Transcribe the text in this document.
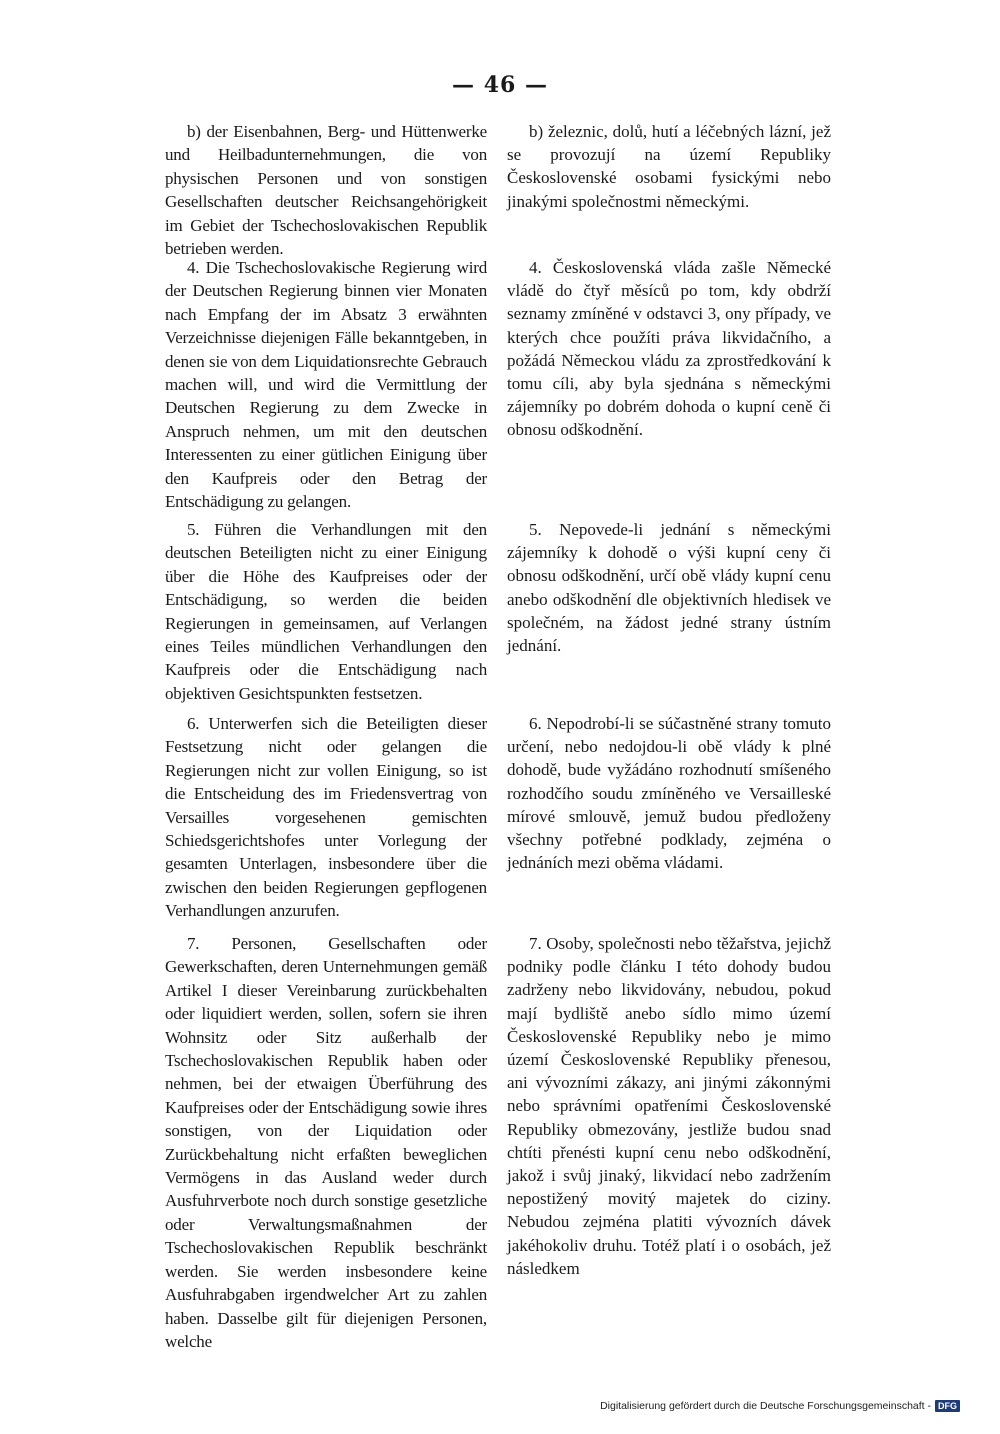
— 46 —

b) der Eisenbahnen, Berg- und Hüttenwerke und Heilbadunternehmungen, die von physischen Personen und von sonstigen Gesellschaften deutscher Reichsangehörigkeit im Gebiet der Tschechoslovakischen Republik betrieben werden.

4. Die Tschechoslovakische Regierung wird der Deutschen Regierung binnen vier Monaten nach Empfang der im Absatz 3 erwähnten Verzeichnisse diejenigen Fälle bekanntgeben, in denen sie von dem Liquidationsrechte Gebrauch machen will, und wird die Vermittlung der Deutschen Regierung zu dem Zwecke in Anspruch nehmen, um mit den deutschen Interessenten zu einer gütlichen Einigung über den Kaufpreis oder den Betrag der Entschädigung zu gelangen.

5. Führen die Verhandlungen mit den deutschen Beteiligten nicht zu einer Einigung über die Höhe des Kaufpreises oder der Entschädigung, so werden die beiden Regierungen in gemeinsamen, auf Verlangen eines Teiles mündlichen Verhandlungen den Kaufpreis oder die Entschädigung nach objektiven Gesichtspunkten festsetzen.

6. Unterwerfen sich die Beteiligten dieser Festsetzung nicht oder gelangen die Regierungen nicht zur vollen Einigung, so ist die Entscheidung des im Friedensvertrag von Versailles vorgesehenen gemischten Schiedsgerichtshofes unter Vorlegung der gesamten Unterlagen, insbesondere über die zwischen den beiden Regierungen gepflogenen Verhandlungen anzurufen.

7. Personen, Gesellschaften oder Gewerkschaften, deren Unternehmungen gemäß Artikel I dieser Vereinbarung zurückbehalten oder liquidiert werden, sollen, sofern sie ihren Wohnsitz oder Sitz außerhalb der Tschechoslovakischen Republik haben oder nehmen, bei der etwaigen Überführung des Kaufpreises oder der Entschädigung sowie ihres sonstigen, von der Liquidation oder Zurückbehaltung nicht erfaßten beweglichen Vermögens in das Ausland weder durch Ausfuhrverbote noch durch sonstige gesetzliche oder Verwaltungsmaßnahmen der Tschechoslovakischen Republik beschränkt werden. Sie werden insbesondere keine Ausfuhrabgaben irgendwelcher Art zu zahlen haben. Dasselbe gilt für diejenigen Personen, welche

b) železnic, dolů, hutí a léčebných lázní, jež se provozují na území Republiky Československé osobami fysickými nebo jinakými společnostmi německými.

4. Československá vláda zašle Německé vládě do čtyř měsíců po tom, kdy obdrží seznamy zmíněné v odstavci 3, ony případy, ve kterých chce použíti práva likvidačního, a požádá Německou vládu za zprostředkování k tomu cíli, aby byla sjednána s německými zájemníky po dobrém dohoda o kupní ceně či obnosu odškodnění.

5. Nepovede-li jednání s německými zájemníky k dohodě o výši kupní ceny či obnosu odškodnění, určí obě vlády kupní cenu anebo odškodnění dle objektivních hledisek ve společném, na žádost jedné strany ústním jednání.

6. Nepodrobí-li se súčastněné strany tomuto určení, nebo nedojdou-li obě vlády k plné dohodě, bude vyžádáno rozhodnutí smíšeného rozhodčího soudu zmíněného ve Versailleské mírové smlouvě, jemuž budou předloženy všechny potřebné podklady, zejména o jednáních mezi oběma vládami.

7. Osoby, společnosti nebo těžařstva, jejichž podniky podle článku I této dohody budou zadrženy nebo likvidovány, nebudou, pokud mají bydliště anebo sídlo mimo území Československé Republiky nebo je mimo území Československé Republiky přenesou, ani vývozními zákazy, ani jinými zákonnými nebo správními opatřeními Československé Republiky obmezovány, jestliže budou snad chtíti přenésti kupní cenu nebo odškodnění, jakož i svůj jinaký, likvidací nebo zadržením nepostižený movitý majetek do ciziny. Nebudou zejména platiti vývozních dávek jakéhokoliv druhu. Totéž platí i o osobách, jež následkem

Digitalisierung gefördert durch die Deutsche Forschungsgemeinschaft - DFG
